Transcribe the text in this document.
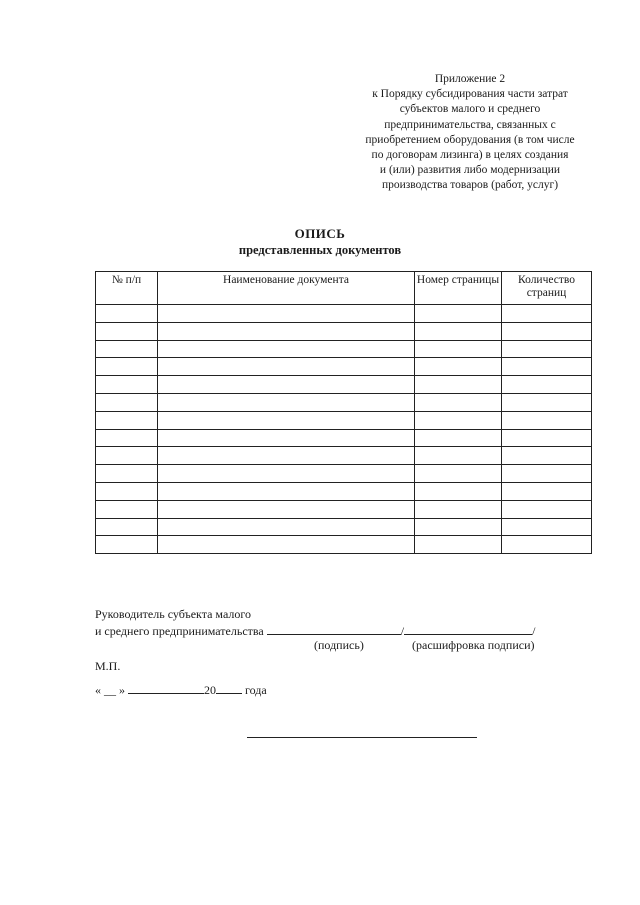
Приложение 2
к Порядку субсидирования части затрат
субъектов малого и среднего
предпринимательства, связанных с
приобретением оборудования (в том числе
по договорам лизинга) в целях создания
и (или) развития либо модернизации
производства товаров (работ, услуг)
ОПИСЬ
представленных документов
№ п/п	Наименование документа	Номер страницы	Количество страниц

Руководитель субъекта малого
и среднего предпринимательства	/	/
(подпись)	(расшифровка подписи)
М.П.
« __ »	20 года
